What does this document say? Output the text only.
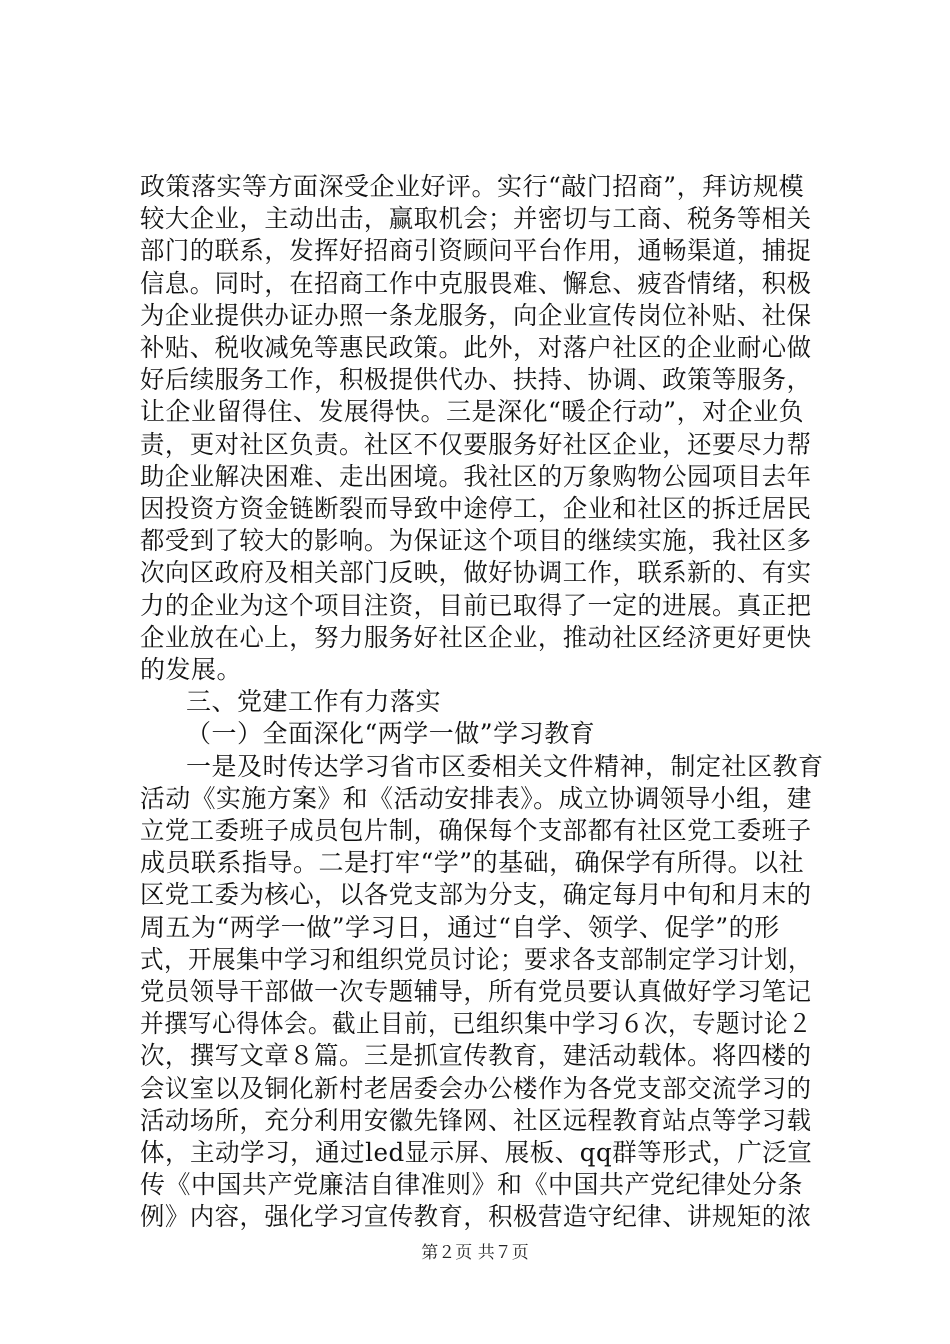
政策落实等方面深受企业好评。实行“敲门招商”，拜访规模
较大企业，主动出击，赢取机会；并密切与工商、税务等相关
部门的联系，发挥好招商引资顾问平台作用，通畅渠道，捕捉
信息。同时，在招商工作中克服畏难、懈怠、疲沓情绪，积极
为企业提供办证办照一条龙服务，向企业宣传岗位补贴、社保
补贴、税收减免等惠民政策。此外，对落户社区的企业耐心做
好后续服务工作，积极提供代办、扶持、协调、政策等服务，
让企业留得住、发展得快。三是深化“暖企行动”，对企业负
责，更对社区负责。社区不仅要服务好社区企业，还要尽力帮
助企业解决困难、走出困境。我社区的万象购物公园项目去年
因投资方资金链断裂而导致中途停工，企业和社区的拆迁居民
都受到了较大的影响。为保证这个项目的继续实施，我社区多
次向区政府及相关部门反映，做好协调工作，联系新的、有实
力的企业为这个项目注资，目前已取得了一定的进展。真正把
企业放在心上，努力服务好社区企业，推动社区经济更好更快
的发展。
三、党建工作有力落实
（一）全面深化“两学一做”学习教育
一是及时传达学习省市区委相关文件精神，制定社区教育
活动《实施方案》和《活动安排表》。成立协调领导小组，建
立党工委班子成员包片制，确保每个支部都有社区党工委班子
成员联系指导。二是打牢“学”的基础，确保学有所得。以社
区党工委为核心，以各党支部为分支，确定每月中旬和月末的
周五为“两学一做”学习日，通过“自学、领学、促学”的形
式，开展集中学习和组织党员讨论；要求各支部制定学习计划，
党员领导干部做一次专题辅导，所有党员要认真做好学习笔记
并撰写心得体会。截止目前，已组织集中学习６次，专题讨论２
次，撰写文章８篇。三是抓宣传教育，建活动载体。将四楼的
会议室以及铜化新村老居委会办公楼作为各党支部交流学习的
活动场所，充分利用安徽先锋网、社区远程教育站点等学习载
体，主动学习，通过led显示屏、展板、qq群等形式，广泛宣
传《中国共产党廉洁自律准则》和《中国共产党纪律处分条
例》内容，强化学习宣传教育，积极营造守纪律、讲规矩的浓
第２页 共７页
